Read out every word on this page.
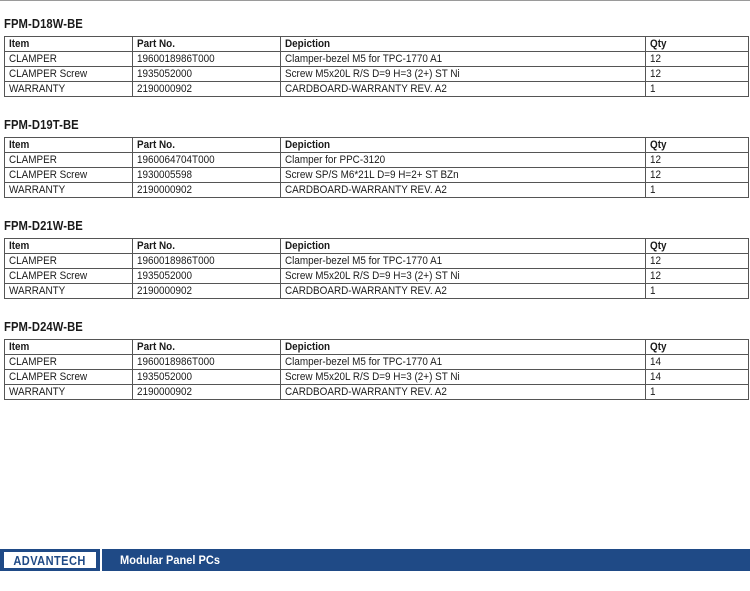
FPM-D18W-BE
Item	Part No.	Depiction	Qty
CLAMPER	1960018986T000	Clamper-bezel M5 for TPC-1770 A1	12
CLAMPER Screw	1935052000	Screw M5x20L R/S D=9 H=3 (2+) ST Ni	12
WARRANTY	2190000902	CARDBOARD-WARRANTY REV. A2	1
FPM-D19T-BE
Item	Part No.	Depiction	Qty
CLAMPER	1960064704T000	Clamper for PPC-3120	12
CLAMPER Screw	1930005598	Screw SP/S M6*21L D=9 H=2+ ST BZn	12
WARRANTY	2190000902	CARDBOARD-WARRANTY REV. A2	1
FPM-D21W-BE
Item	Part No.	Depiction	Qty
CLAMPER	1960018986T000	Clamper-bezel M5 for TPC-1770 A1	12
CLAMPER Screw	1935052000	Screw M5x20L R/S D=9 H=3 (2+) ST Ni	12
WARRANTY	2190000902	CARDBOARD-WARRANTY REV. A2	1
FPM-D24W-BE
Item	Part No.	Depiction	Qty
CLAMPER	1960018986T000	Clamper-bezel M5 for TPC-1770 A1	14
CLAMPER Screw	1935052000	Screw M5x20L R/S D=9 H=3 (2+) ST Ni	14
WARRANTY	2190000902	CARDBOARD-WARRANTY REV. A2	1
ADVANTECH	Modular Panel PCs
